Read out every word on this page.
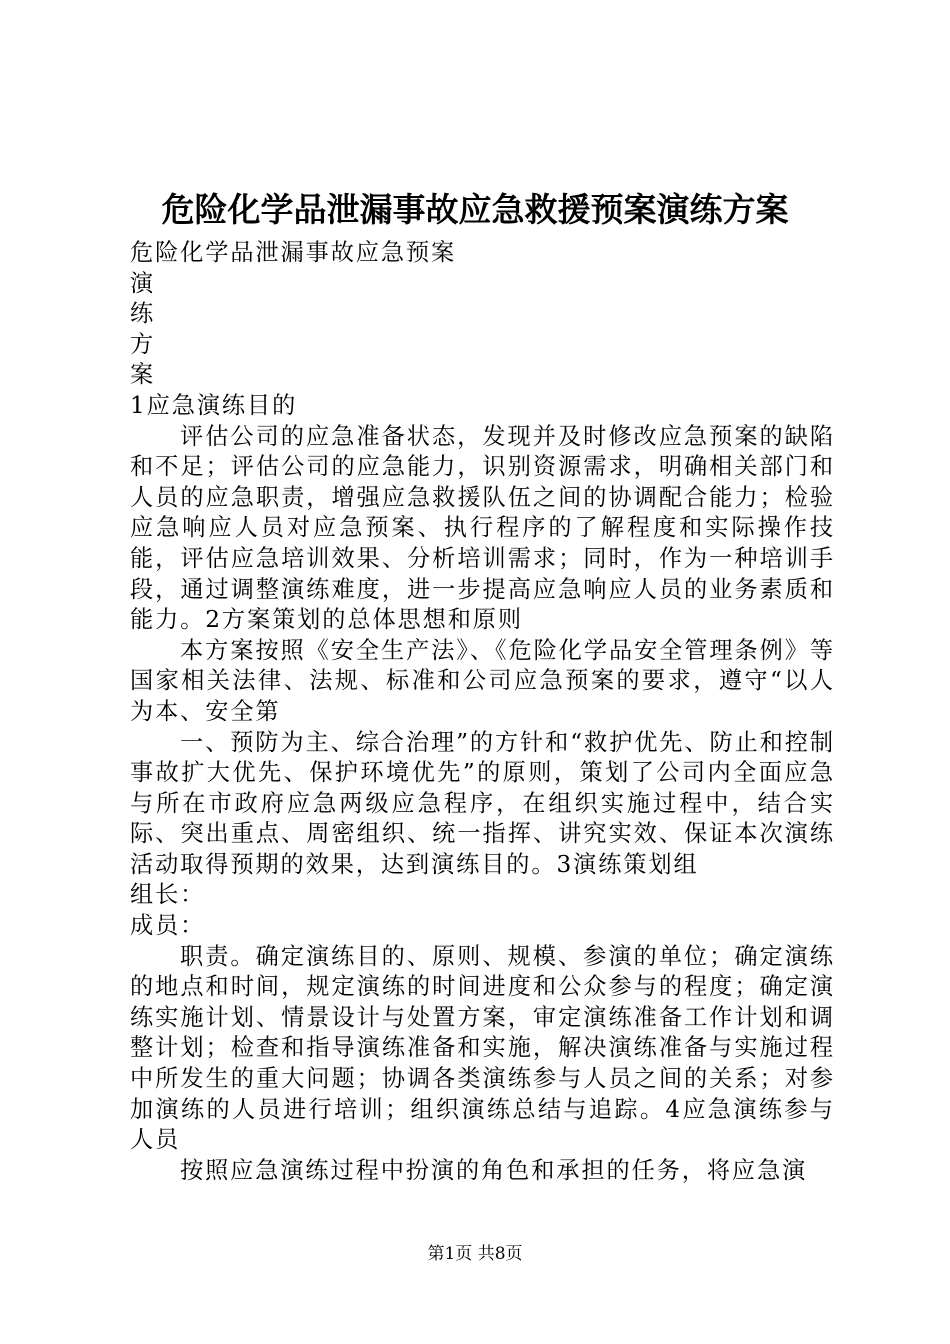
危险化学品泄漏事故应急救援预案演练方案

危险化学品泄漏事故应急预案

演

练

方

案

1应急演练目的

评估公司的应急准备状态，发现并及时修改应急预案的缺陷和不足；评估公司的应急能力，识别资源需求，明确相关部门和人员的应急职责，增强应急救援队伍之间的协调配合能力；检验应急响应人员对应急预案、执行程序的了解程度和实际操作技能，评估应急培训效果、分析培训需求；同时，作为一种培训手段，通过调整演练难度，进一步提高应急响应人员的业务素质和能力。2方案策划的总体思想和原则

本方案按照《安全生产法》、《危险化学品安全管理条例》等国家相关法律、法规、标准和公司应急预案的要求，遵守“以人为本、安全第

一、预防为主、综合治理”的方针和“救护优先、防止和控制事故扩大优先、保护环境优先”的原则，策划了公司内全面应急与所在市政府应急两级应急程序，在组织实施过程中，结合实际、突出重点、周密组织、统一指挥、讲究实效、保证本次演练活动取得预期的效果，达到演练目的。3演练策划组

组长：

成员：

职责。确定演练目的、原则、规模、参演的单位；确定演练的地点和时间，规定演练的时间进度和公众参与的程度；确定演练实施计划、情景设计与处置方案，审定演练准备工作计划和调整计划；检查和指导演练准备和实施，解决演练准备与实施过程中所发生的重大问题；协调各类演练参与人员之间的关系；对参加演练的人员进行培训；组织演练总结与追踪。4应急演练参与人员

按照应急演练过程中扮演的角色和承担的任务，将应急演

第1页 共8页
